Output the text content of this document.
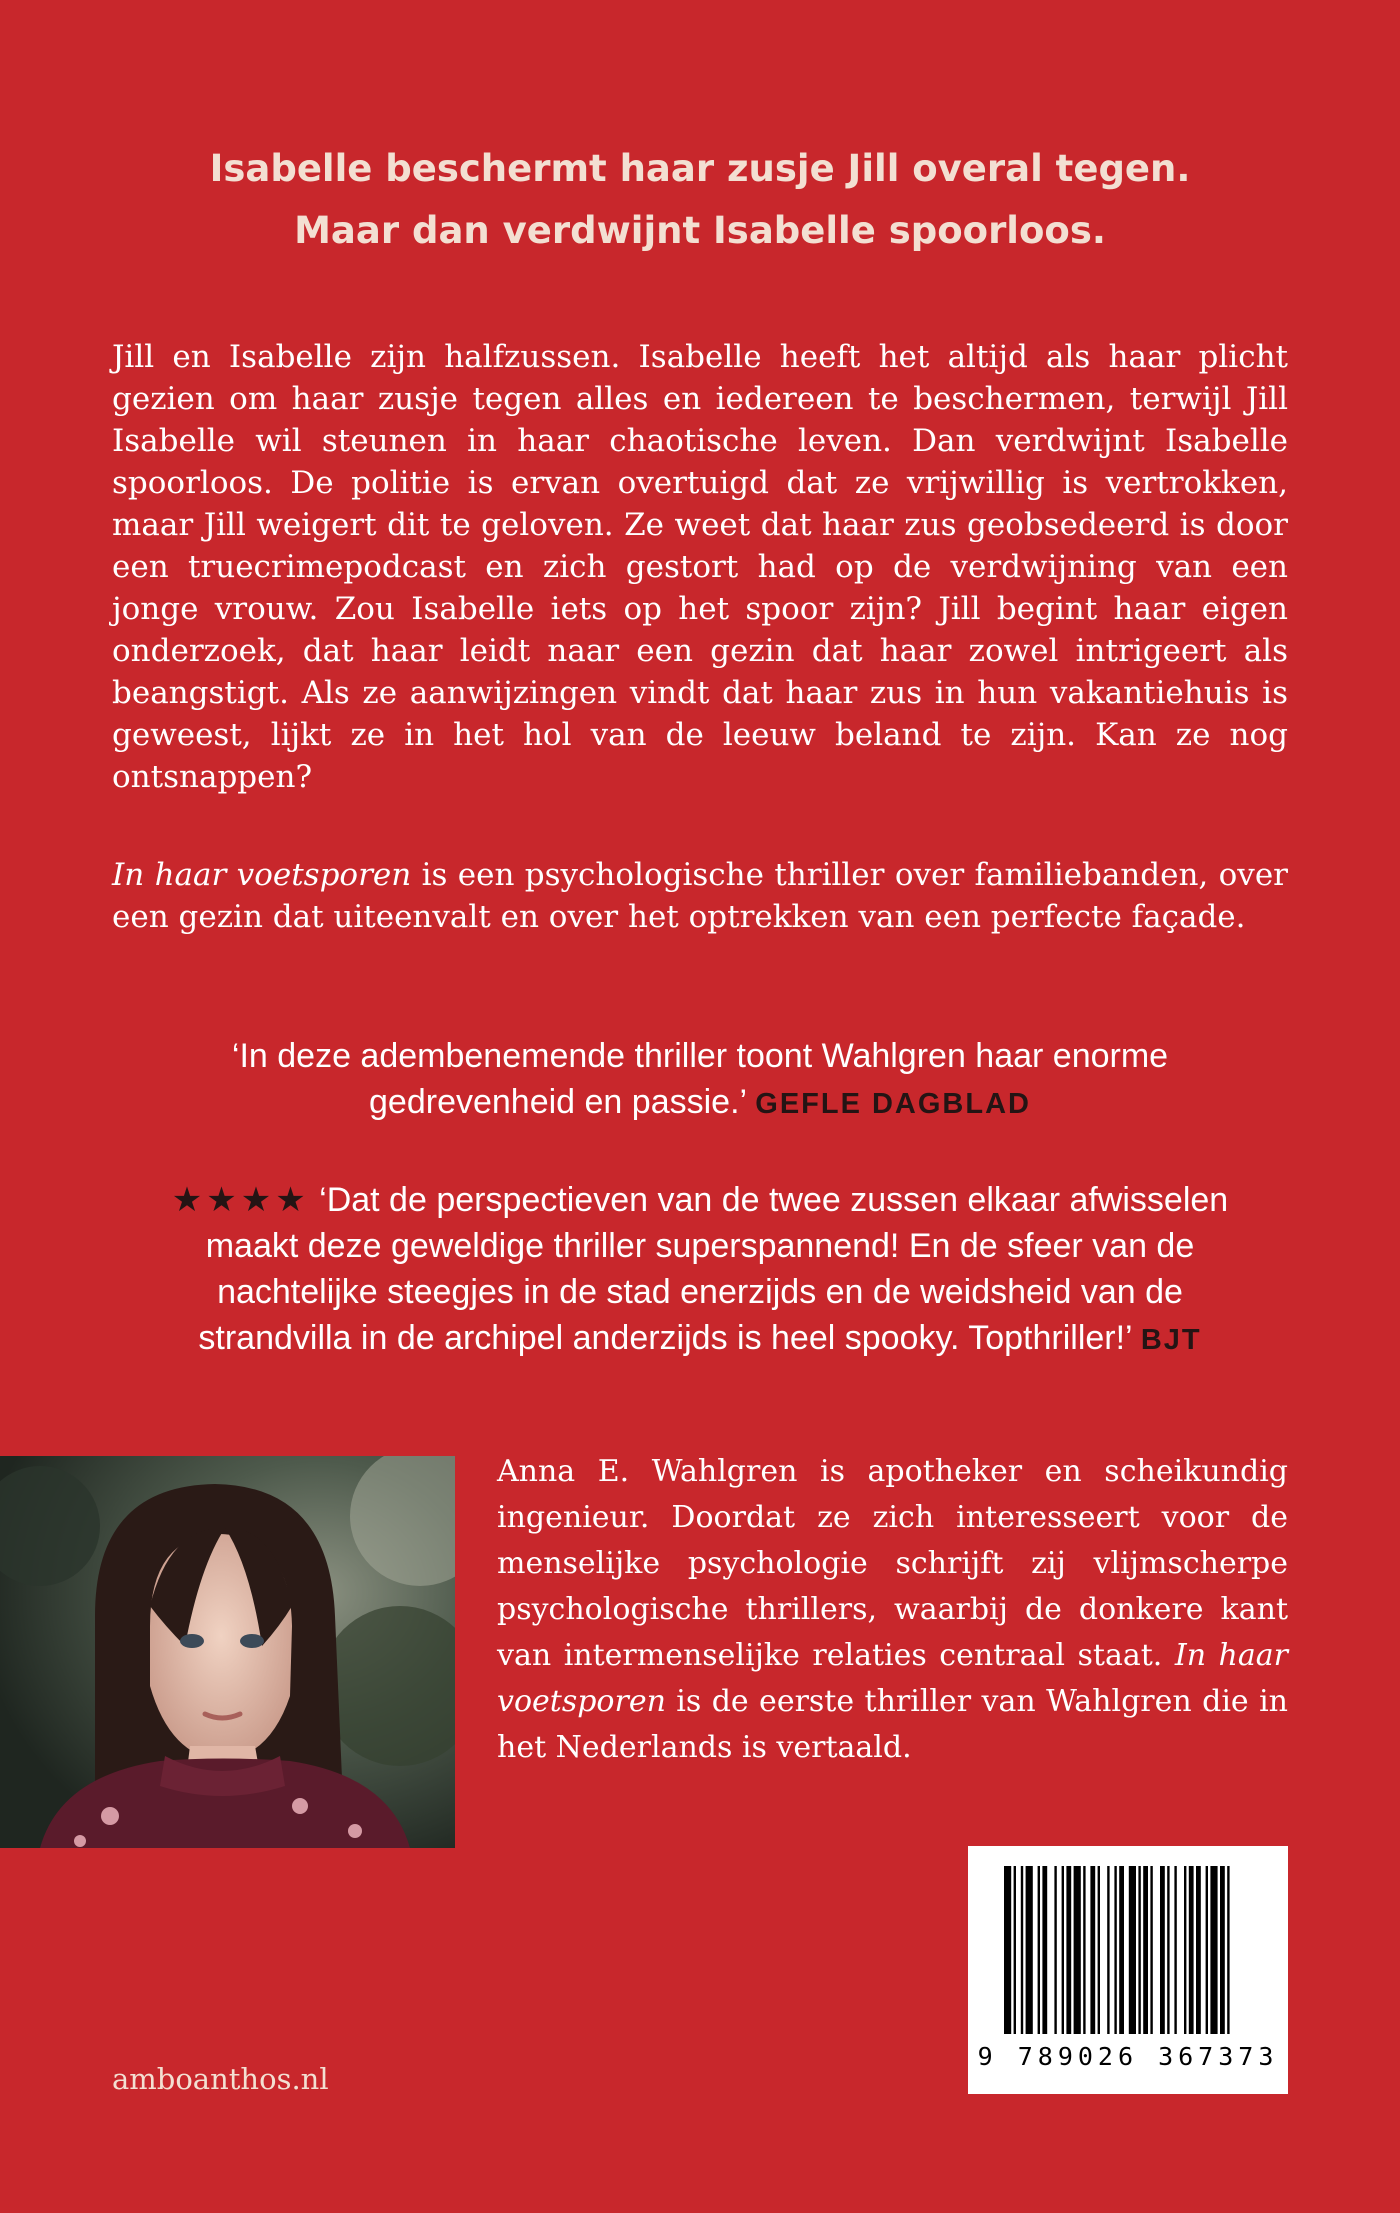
Isabelle beschermt haar zusje Jill overal tegen.
Maar dan verdwijnt Isabelle spoorloos.

Jill en Isabelle zijn halfzussen. Isabelle heeft het altijd als haar plicht gezien om haar zusje tegen alles en iedereen te beschermen, terwijl Jill Isabelle wil steunen in haar chaotische leven. Dan verdwijnt Isabelle spoorloos. De politie is ervan overtuigd dat ze vrijwillig is vertrokken, maar Jill weigert dit te geloven. Ze weet dat haar zus geobsedeerd is door een truecrimepodcast en zich gestort had op de verdwijning van een jonge vrouw. Zou Isabelle iets op het spoor zijn? Jill begint haar eigen onderzoek, dat haar leidt naar een gezin dat haar zowel intrigeert als beangstigt. Als ze aanwijzingen vindt dat haar zus in hun vakantiehuis is geweest, lijkt ze in het hol van de leeuw beland te zijn. Kan ze nog ontsnappen?

In haar voetsporen is een psychologische thriller over familiebanden, over een gezin dat uiteenvalt en over het optrekken van een perfecte façade.

‘In deze adembenemende thriller toont Wahlgren haar enorme gedrevenheid en passie.’ GEFLE DAGBLAD
★★★★ ‘Dat de perspectieven van de twee zussen elkaar afwisselen maakt deze geweldige thriller superspannend! En de sfeer van de nachtelijke steegjes in de stad enerzijds en de weidsheid van de strandvilla in de archipel anderzijds is heel spooky. Topthriller!’ BJT

Anna E. Wahlgren is apotheker en scheikundig ingenieur. Doordat ze zich interesseert voor de menselijke psychologie schrijft zij vlijmscherpe psychologische thrillers, waarbij de donkere kant van intermenselijke relaties centraal staat. In haar voetsporen is de eerste thriller van Wahlgren die in het Nederlands is vertaald.

9 789026 367373
amboanthos.nl
